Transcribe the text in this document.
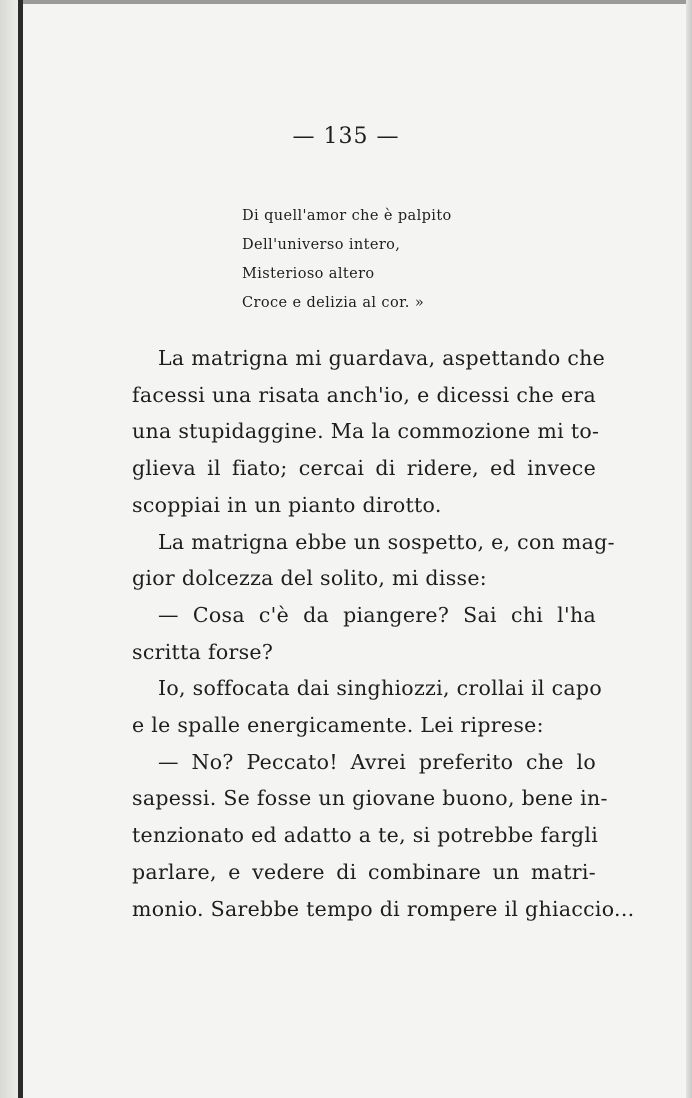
— 135 —
Di quell'amor che è palpito
Dell'universo intero,
Misterioso altero
Croce e delizia al cor. »
La matrigna mi guardava, aspettando che
facessi una risata anch'io, e dicessi che era
una stupidaggine. Ma la commozione mi to-
glieva il fiato; cercai di ridere, ed invece
scoppiai in un pianto dirotto.
La matrigna ebbe un sospetto, e, con mag-
gior dolcezza del solito, mi disse:
— Cosa c'è da piangere? Sai chi l'ha
scritta forse?
Io, soffocata dai singhiozzi, crollai il capo
e le spalle energicamente. Lei riprese:
— No? Peccato! Avrei preferito che lo
sapessi. Se fosse un giovane buono, bene in-
tenzionato ed adatto a te, si potrebbe fargli
parlare, e vedere di combinare un matri-
monio. Sarebbe tempo di rompere il ghiaccio...
